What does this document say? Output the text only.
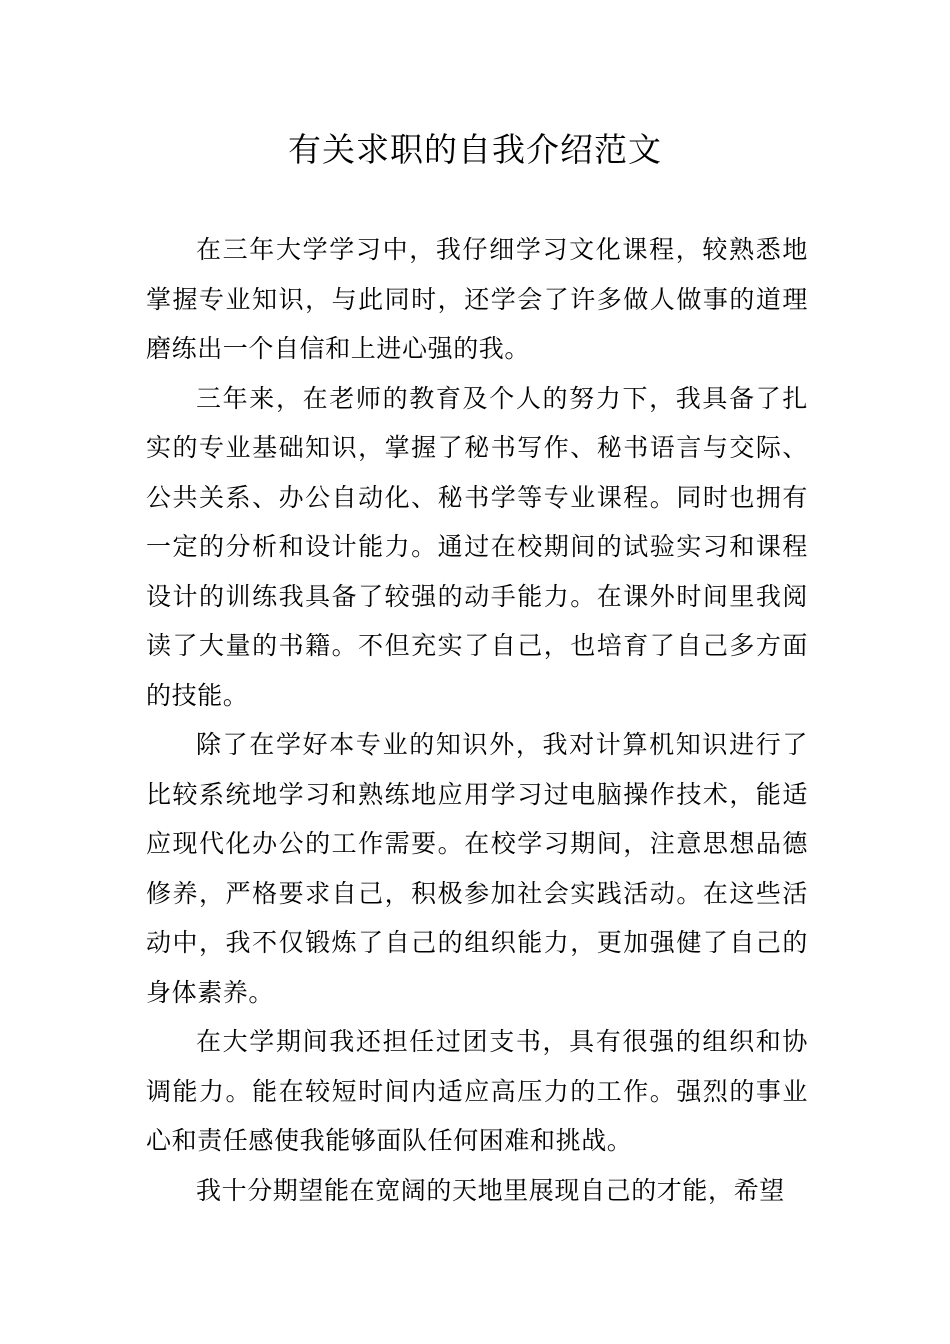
有关求职的自我介绍范文

在三年大学学习中，我仔细学习文化课程，较熟悉地掌握专业知识，与此同时，还学会了许多做人做事的道理磨练出一个自信和上进心强的我。

三年来，在老师的教育及个人的努力下，我具备了扎实的专业基础知识，掌握了秘书写作、秘书语言与交际、公共关系、办公自动化、秘书学等专业课程。同时也拥有一定的分析和设计能力。通过在校期间的试验实习和课程设计的训练我具备了较强的动手能力。在课外时间里我阅读了大量的书籍。不但充实了自己，也培育了自己多方面的技能。

除了在学好本专业的知识外，我对计算机知识进行了比较系统地学习和熟练地应用学习过电脑操作技术，能适应现代化办公的工作需要。在校学习期间，注意思想品德修养，严格要求自己，积极参加社会实践活动。在这些活动中，我不仅锻炼了自己的组织能力，更加强健了自己的身体素养。

在大学期间我还担任过团支书，具有很强的组织和协调能力。能在较短时间内适应高压力的工作。强烈的事业心和责任感使我能够面队任何困难和挑战。

我十分期望能在宽阔的天地里展现自己的才能，希望
